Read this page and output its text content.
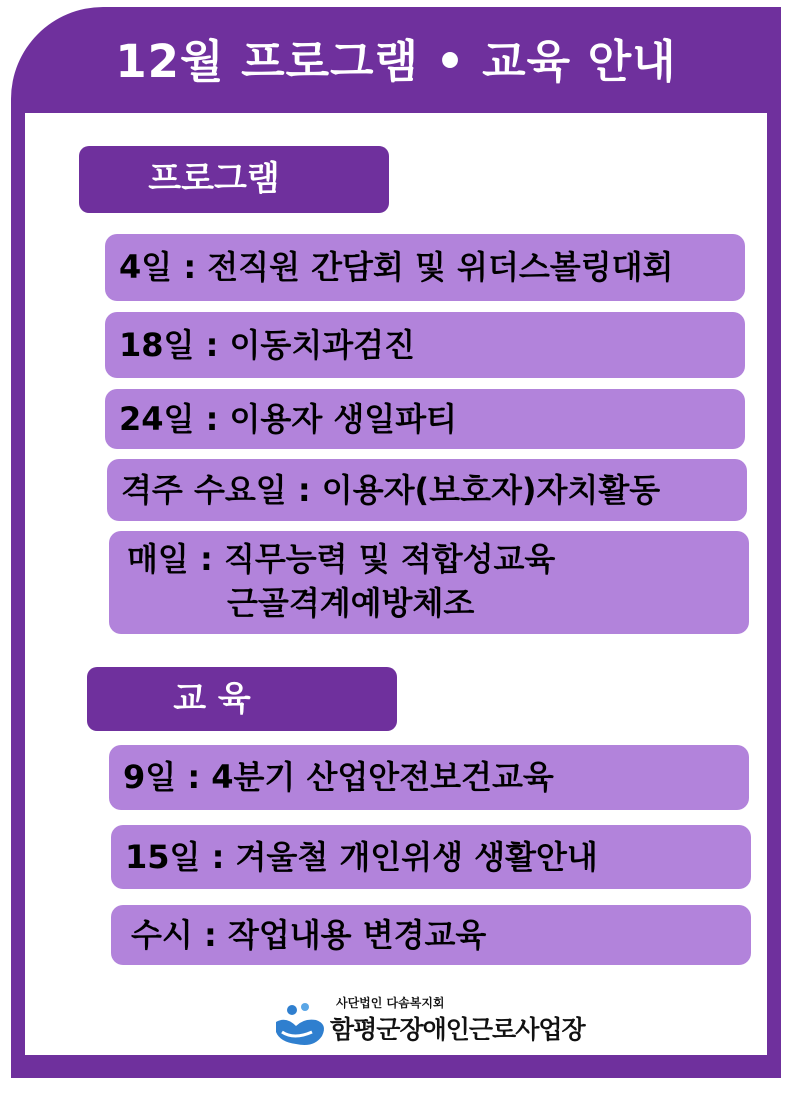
12월 프로그램 • 교육 안내
프로그램
4일 : 전직원 간담회 및 위더스볼링대회
18일 : 이동치과검진
24일 : 이용자 생일파티
격주 수요일 : 이용자(보호자)자치활동
매일 : 직무능력 및 적합성교육
근골격계예방체조
교 육
9일 : 4분기 산업안전보건교육
15일 : 겨울철 개인위생 생활안내
수시 : 작업내용 변경교육
사단법인 다솜복지회
함평군장애인근로사업장
